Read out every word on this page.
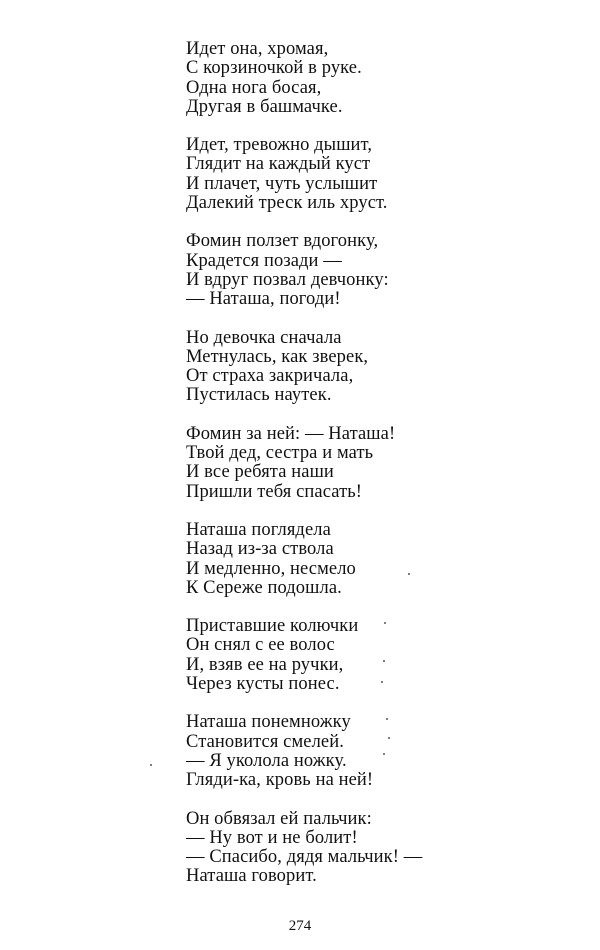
Идет она, хромая,
С корзиночкой в руке.
Одна нога босая,
Другая в башмачке.
Идет, тревожно дышит,
Глядит на каждый куст
И плачет, чуть услышит
Далекий треск иль хруст.
Фомин ползет вдогонку,
Крадется позади —
И вдруг позвал девчонку:
— Наташа, погоди!
Но девочка сначала
Метнулась, как зверек,
От страха закричала,
Пустилась наутек.
Фомин за ней: — Наташа!
Твой дед, сестра и мать
И все ребята наши
Пришли тебя спасать!
Наташа поглядела
Назад из-за ствола
И медленно, несмело
К Сереже подошла.
Приставшие колючки
Он снял с ее волос
И, взяв ее на ручки,
Через кусты понес.
Наташа понемножку
Становится смелей.
— Я уколола ножку.
Гляди-ка, кровь на ней!
Он обвязал ей пальчик:
— Ну вот и не болит!
— Спасибо, дядя мальчик! —
Наташа говорит.
274
